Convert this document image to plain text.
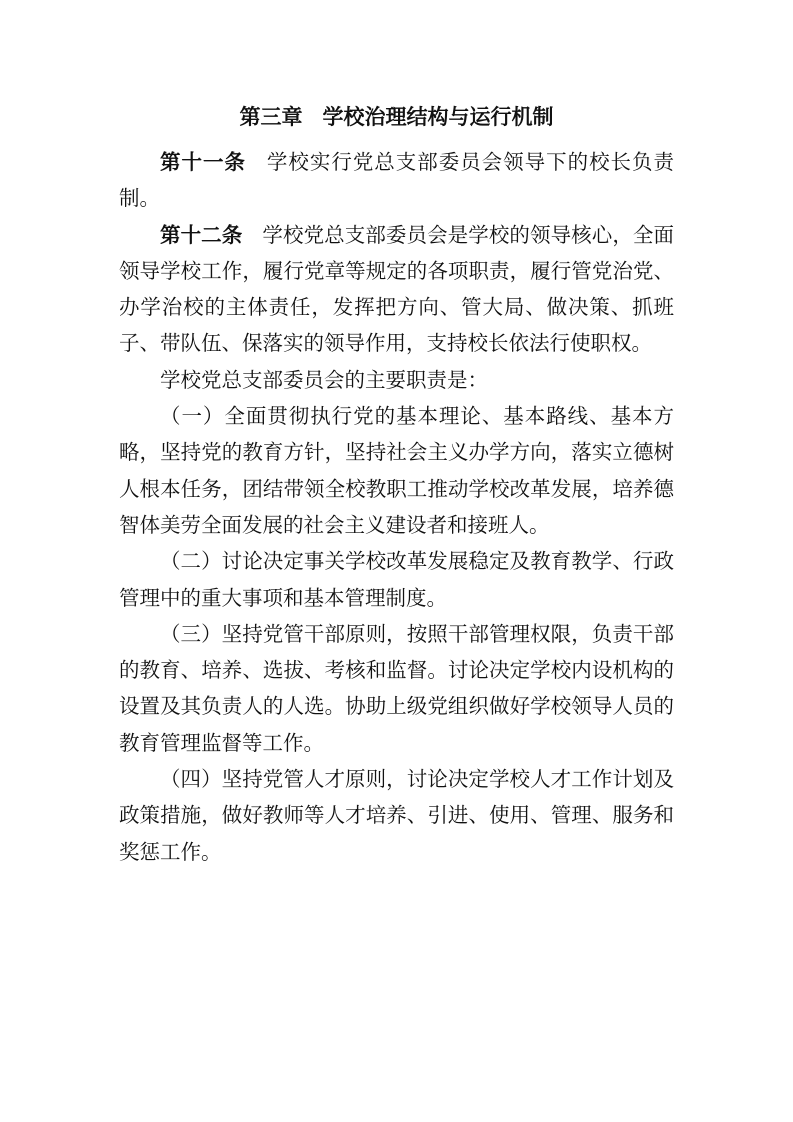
第三章 学校治理结构与运行机制

第十一条 学校实行党总支部委员会领导下的校长负责制。

第十二条 学校党总支部委员会是学校的领导核心，全面领导学校工作，履行党章等规定的各项职责，履行管党治党、办学治校的主体责任，发挥把方向、管大局、做决策、抓班子、带队伍、保落实的领导作用，支持校长依法行使职权。

学校党总支部委员会的主要职责是：

（一）全面贯彻执行党的基本理论、基本路线、基本方略，坚持党的教育方针，坚持社会主义办学方向，落实立德树人根本任务，团结带领全校教职工推动学校改革发展，培养德智体美劳全面发展的社会主义建设者和接班人。

（二）讨论决定事关学校改革发展稳定及教育教学、行政管理中的重大事项和基本管理制度。

（三）坚持党管干部原则，按照干部管理权限，负责干部的教育、培养、选拔、考核和监督。讨论决定学校内设机构的设置及其负责人的人选。协助上级党组织做好学校领导人员的教育管理监督等工作。

（四）坚持党管人才原则，讨论决定学校人才工作计划及政策措施，做好教师等人才培养、引进、使用、管理、服务和奖惩工作。
